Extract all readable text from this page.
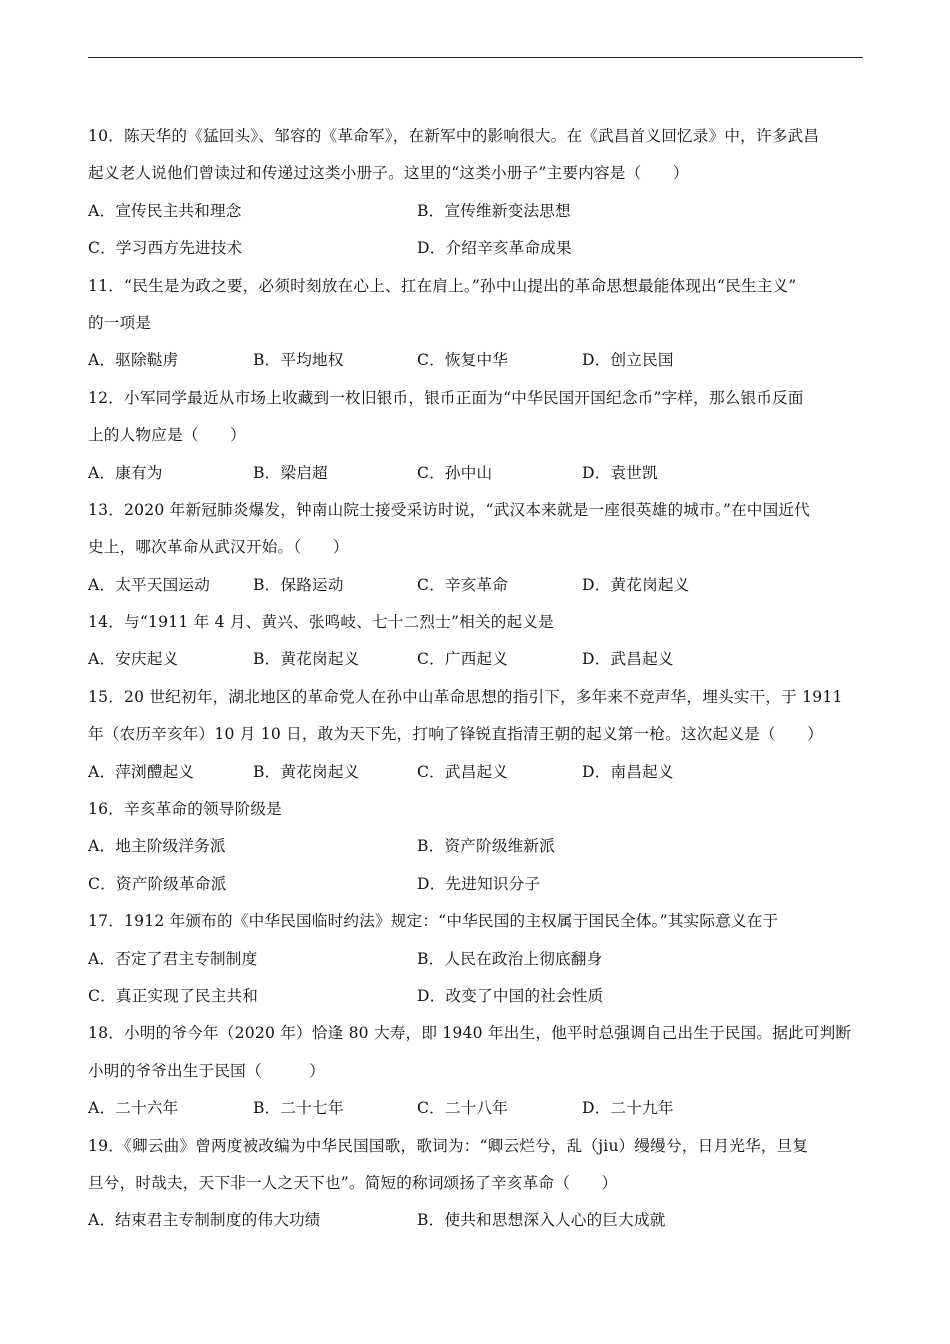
10．陈天华的《猛回头》、邹容的《革命军》，在新军中的影响很大。在《武昌首义回忆录》中，许多武昌
起义老人说他们曾读过和传递过这类小册子。这里的“这类小册子”主要内容是（　　）
A．宣传民主共和理念	B．宣传维新变法思想
C．学习西方先进技术	D．介绍辛亥革命成果
11．“民生是为政之要，必须时刻放在心上、扛在肩上。”孙中山提出的革命思想最能体现出“民生主义”
的一项是
A．驱除鞑虏	B．平均地权	C．恢复中华	D．创立民国
12．小军同学最近从市场上收藏到一枚旧银币，银币正面为“中华民国开国纪念币”字样，那么银币反面
上的人物应是（　　）
A．康有为	B．梁启超	C．孙中山	D．袁世凯
13．2020 年新冠肺炎爆发，钟南山院士接受采访时说，“武汉本来就是一座很英雄的城市。”在中国近代
史上，哪次革命从武汉开始。（　　）
A．太平天国运动	B．保路运动	C．辛亥革命	D．黄花岗起义
14．与“1911 年 4 月、黄兴、张鸣岐、七十二烈士”相关的起义是
A．安庆起义	B．黄花岗起义	C．广西起义	D．武昌起义
15．20 世纪初年，湖北地区的革命党人在孙中山革命思想的指引下，多年来不竞声华，埋头实干，于 1911
年（农历辛亥年）10 月 10 日，敢为天下先，打响了锋锐直指清王朝的起义第一枪。这次起义是（　　）
A．萍浏醴起义	B．黄花岗起义	C．武昌起义	D．南昌起义
16．辛亥革命的领导阶级是
A．地主阶级洋务派	B．资产阶级维新派
C．资产阶级革命派	D．先进知识分子
17．1912 年颁布的《中华民国临时约法》规定：“中华民国的主权属于国民全体。”其实际意义在于
A．否定了君主专制制度	B．人民在政治上彻底翻身
C．真正实现了民主共和	D．改变了中国的社会性质
18．小明的爷今年（2020 年）恰逢 80 大寿，即 1940 年出生，他平时总强调自己出生于民国。据此可判断
小明的爷爷出生于民国（　　　）
A．二十六年	B．二十七年	C．二十八年	D．二十九年
19．《卿云曲》曾两度被改编为中华民国国歌，歌词为：“卿云烂兮，乱（jiu）缦缦兮，日月光华，旦复
旦兮，时哉夫，天下非一人之天下也”。简短的称词颂扬了辛亥革命（　　）
A．结束君主专制制度的伟大功绩	B．使共和思想深入人心的巨大成就
